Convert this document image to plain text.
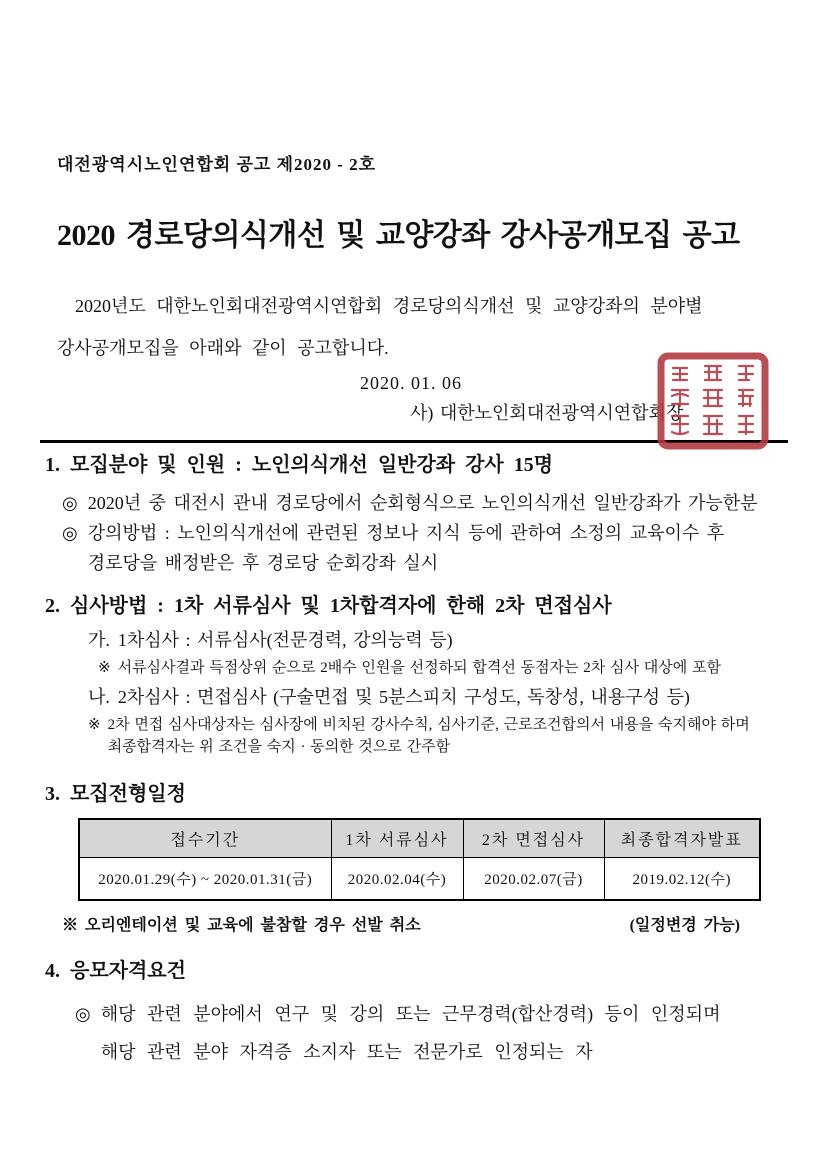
대전광역시노인연합회 공고 제2020 - 2호
2020 경로당의식개선 및 교양강좌 강사공개모집 공고

2020년도 대한노인회대전광역시연합회 경로당의식개선 및 교양강좌의 분야별
강사공개모집을 아래와 같이 공고합니다.

2020. 01. 06
사) 대한노인회대전광역시연합회장
1. 모집분야 및 인원 : 노인의식개선 일반강좌 강사 15명
◎ 2020년 중 대전시 관내 경로당에서 순회형식으로 노인의식개선 일반강좌가 가능한분
◎ 강의방법 : 노인의식개선에 관련된 정보나 지식 등에 관하여 소정의 교육이수 후
경로당을 배정받은 후 경로당 순회강좌 실시
2. 심사방법 : 1차 서류심사 및 1차합격자에 한해 2차 면접심사
가. 1차심사 : 서류심사(전문경력, 강의능력 등)
※ 서류심사결과 득점상위 순으로 2배수 인원을 선정하되 합격선 동점자는 2차 심사 대상에 포함
나. 2차심사 : 면접심사 (구술면접 및 5분스피치 구성도, 독창성, 내용구성 등)
※ 2차 면접 심사대상자는 심사장에 비치된 강사수칙, 심사기준, 근로조건합의서 내용을 숙지해야 하며
최종합격자는 위 조건을 숙지 · 동의한 것으로 간주함
3. 모집전형일정
접수기간	1차 서류심사	2차 면접심사	최종합격자발표
2020.01.29(수) ~ 2020.01.31(금)	2020.02.04(수)	2020.02.07(금)	2019.02.12(수)
※ 오리엔테이션 및 교육에 불참할 경우 선발 취소	(일정변경 가능)
4. 응모자격요건
◎ 해당 관련 분야에서 연구 및 강의 또는 근무경력(합산경력) 등이 인정되며
해당 관련 분야 자격증 소지자 또는 전문가로 인정되는 자
